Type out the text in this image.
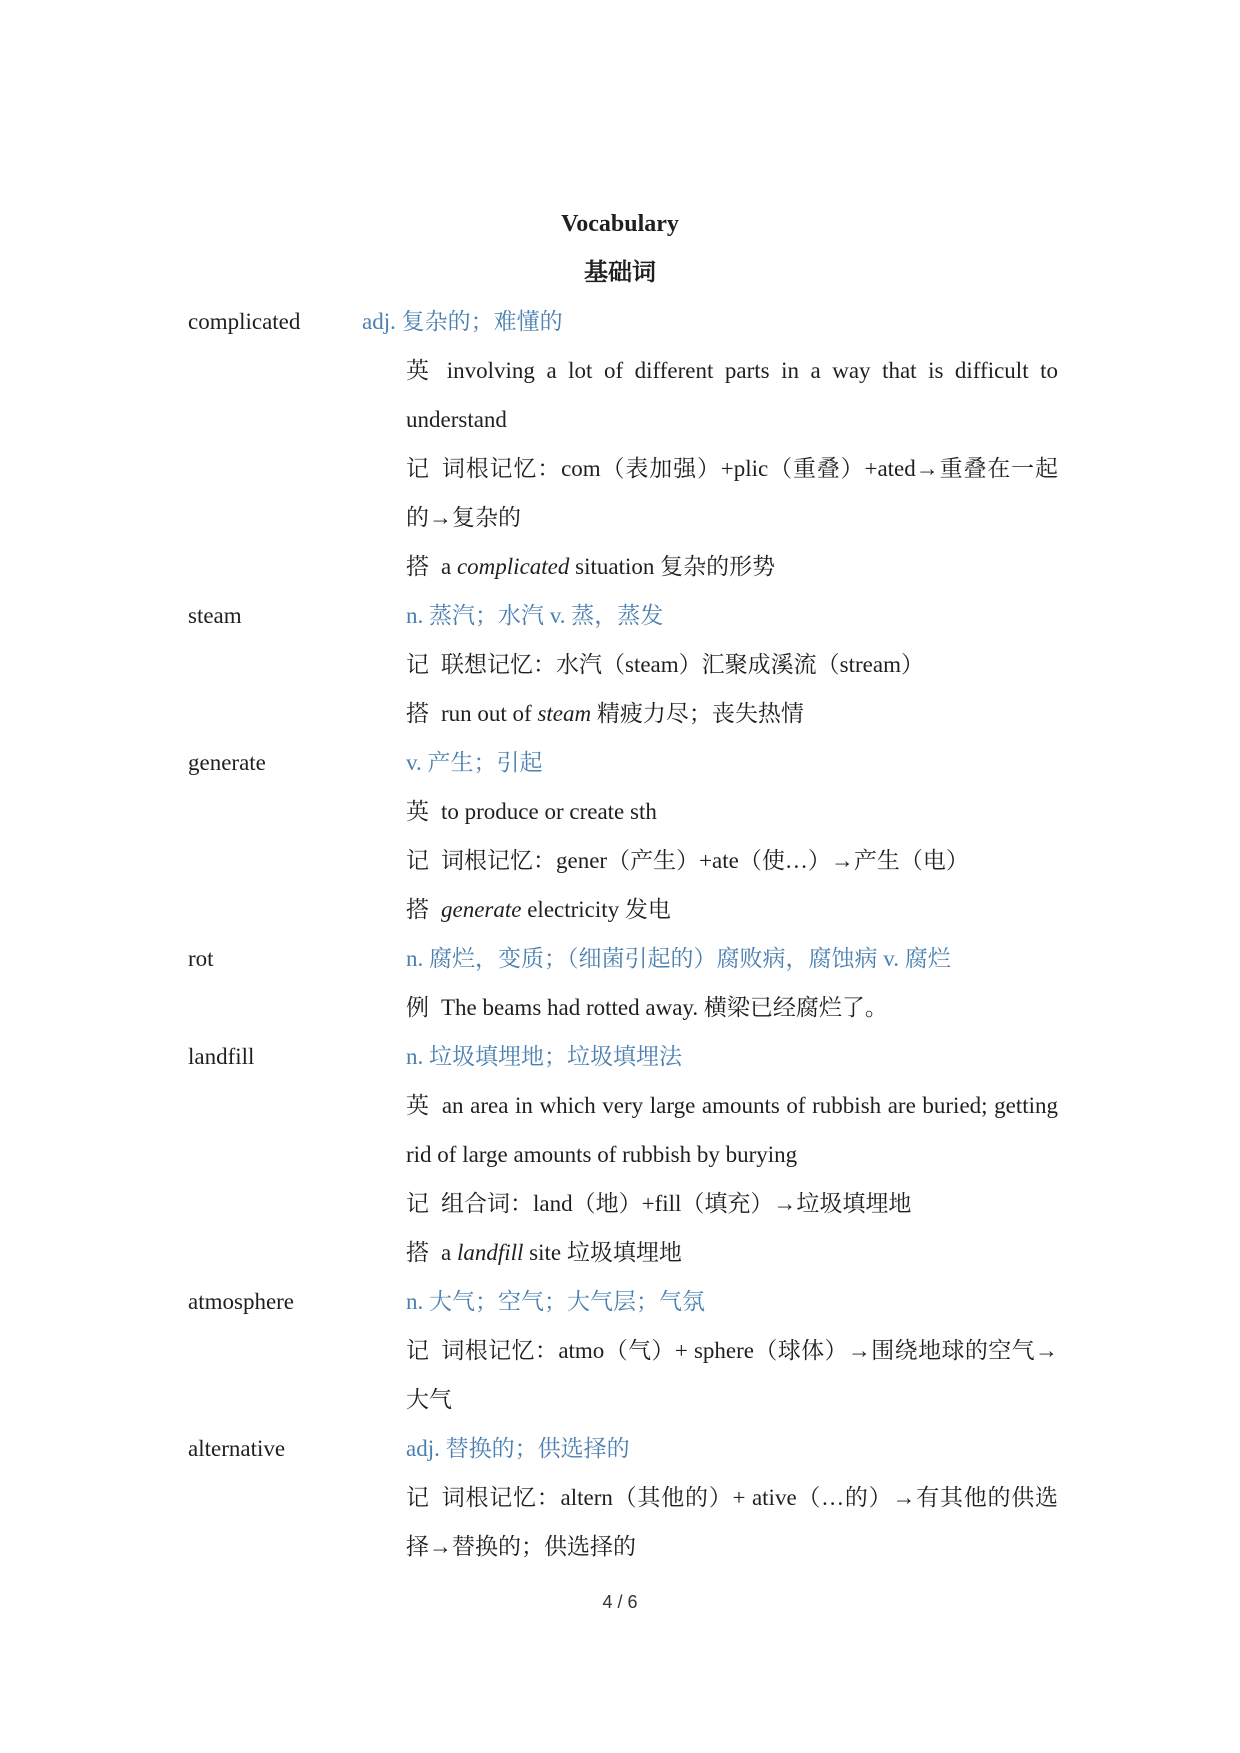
Vocabulary
基础词
complicated	adj. 复杂的；难懂的
英 involving a lot of different parts in a way that is difficult to understand
记 词根记忆：com（表加强）+plic（重叠）+ated→重叠在一起的→复杂的
搭 a complicated situation 复杂的形势
steam	n. 蒸汽；水汽 v. 蒸，蒸发
记 联想记忆：水汽（steam）汇聚成溪流（stream）
搭 run out of steam 精疲力尽；丧失热情
generate	v. 产生；引起
英 to produce or create sth
记 词根记忆：gener（产生）+ate（使…）→产生（电）
搭 generate electricity 发电
rot	n. 腐烂，变质；（细菌引起的）腐败病，腐蚀病 v. 腐烂
例 The beams had rotted away. 横梁已经腐烂了。
landfill	n. 垃圾填埋地；垃圾填埋法
英 an area in which very large amounts of rubbish are buried; getting rid of large amounts of rubbish by burying
记 组合词：land（地）+fill（填充）→垃圾填埋地
搭 a landfill site 垃圾填埋地
atmosphere	n. 大气；空气；大气层；气氛
记 词根记忆：atmo（气）+ sphere（球体）→围绕地球的空气→大气
alternative	adj. 替换的；供选择的
记 词根记忆：altern（其他的）+ ative（…的）→有其他的供选择→替换的；供选择的
4 / 6
